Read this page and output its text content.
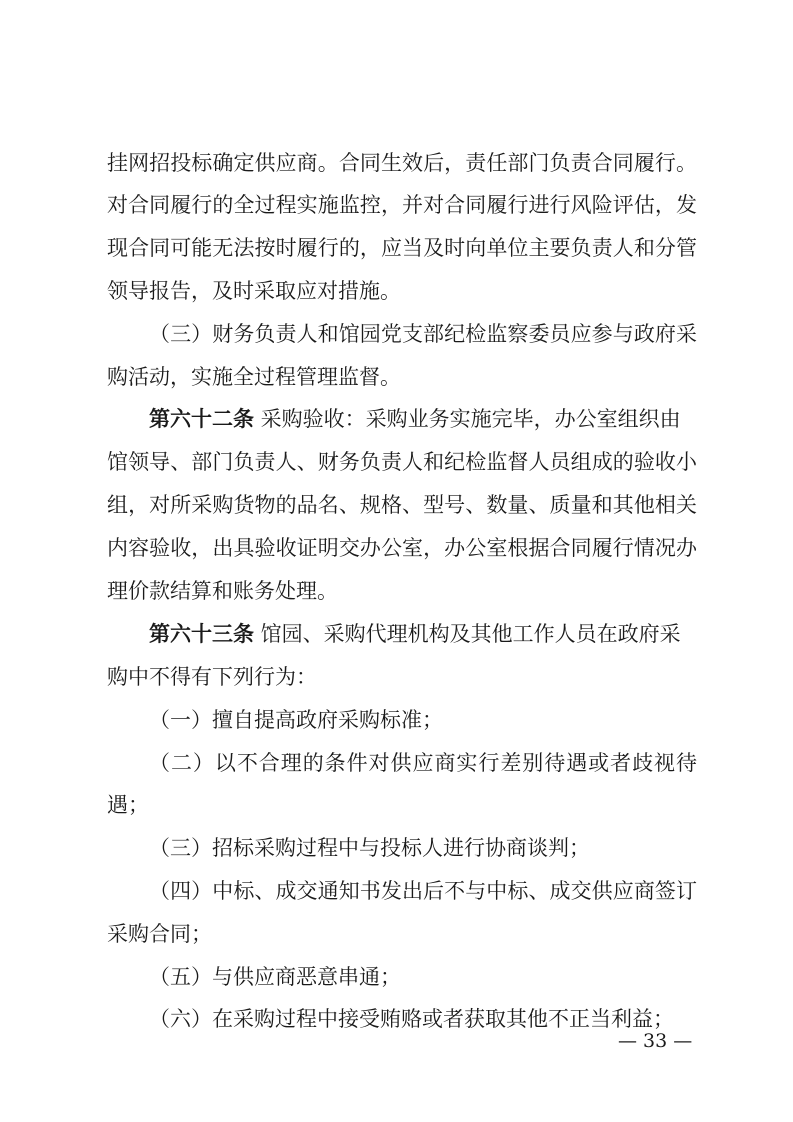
挂网招投标确定供应商。合同生效后，责任部门负责合同履行。
对合同履行的全过程实施监控，并对合同履行进行风险评估，发
现合同可能无法按时履行的，应当及时向单位主要负责人和分管
领导报告，及时采取应对措施。
（三）财务负责人和馆园党支部纪检监察委员应参与政府采
购活动，实施全过程管理监督。
第六十二条 采购验收：采购业务实施完毕，办公室组织由
馆领导、部门负责人、财务负责人和纪检监督人员组成的验收小
组，对所采购货物的品名、规格、型号、数量、质量和其他相关
内容验收，出具验收证明交办公室，办公室根据合同履行情况办
理价款结算和账务处理。
第六十三条 馆园、采购代理机构及其他工作人员在政府采
购中不得有下列行为：
（一）擅自提高政府采购标准；
（二）以不合理的条件对供应商实行差别待遇或者歧视待
遇；
（三）招标采购过程中与投标人进行协商谈判；
（四）中标、成交通知书发出后不与中标、成交供应商签订
采购合同；
（五）与供应商恶意串通；
（六）在采购过程中接受贿赂或者获取其他不正当利益；
— 33 —
